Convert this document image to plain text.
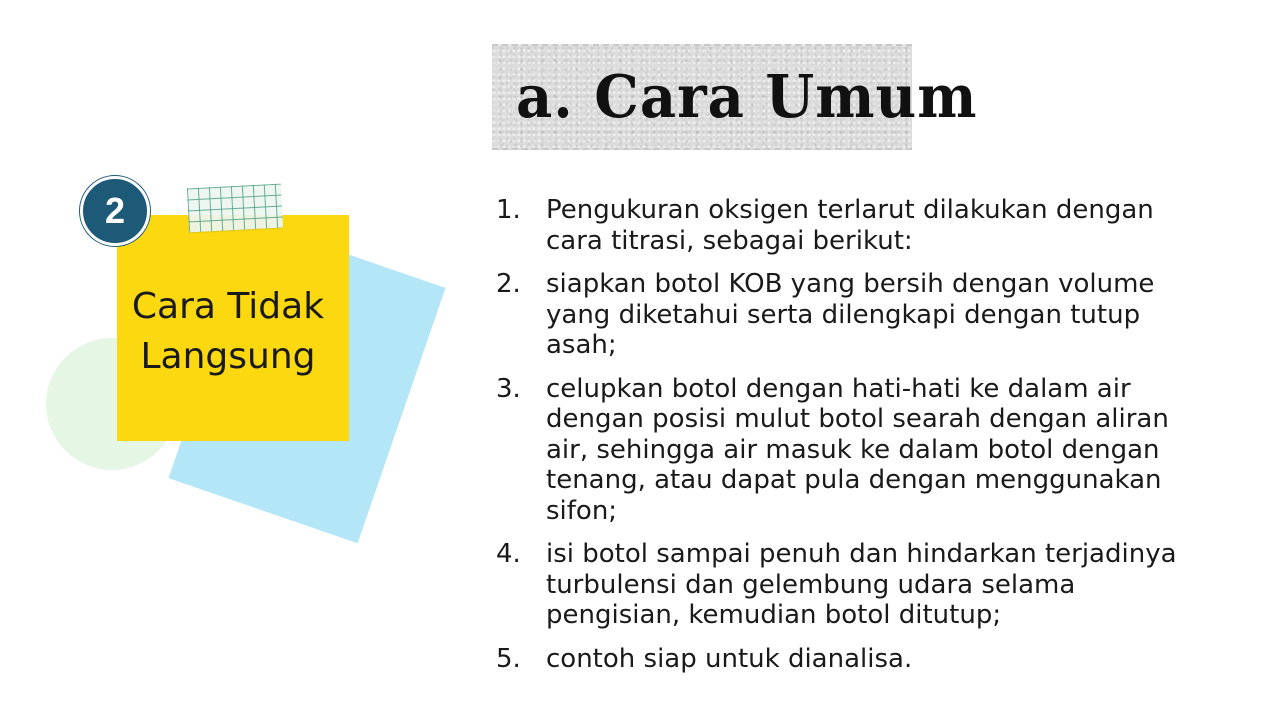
a. Cara Umum
2
Cara Tidak
Langsung
1. Pengukuran oksigen terlarut dilakukan dengan
cara titrasi, sebagai berikut:
2. siapkan botol KOB yang bersih dengan volume
yang diketahui serta dilengkapi dengan tutup
asah;
3. celupkan botol dengan hati-hati ke dalam air
dengan posisi mulut botol searah dengan aliran
air, sehingga air masuk ke dalam botol dengan
tenang, atau dapat pula dengan menggunakan
sifon;
4. isi botol sampai penuh dan hindarkan terjadinya
turbulensi dan gelembung udara selama
pengisian, kemudian botol ditutup;
5. contoh siap untuk dianalisa.
